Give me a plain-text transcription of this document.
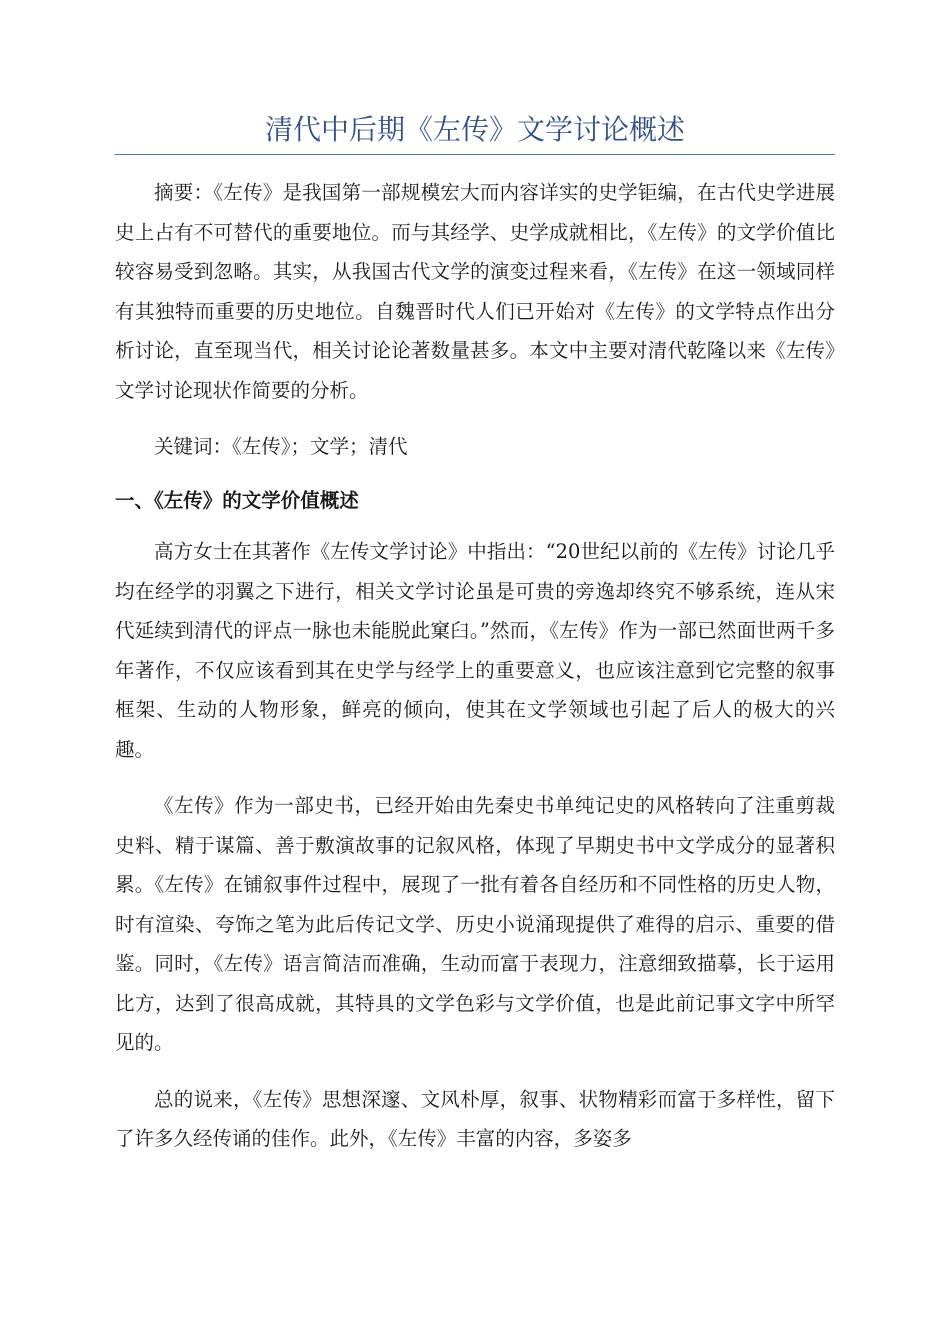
清代中后期《左传》文学讨论概述

摘要：《左传》是我国第一部规模宏大而内容详实的史学钜编，在古代史学进展史上占有不可替代的重要地位。而与其经学、史学成就相比，《左传》的文学价值比较容易受到忽略。其实，从我国古代文学的演变过程来看，《左传》在这一领域同样有其独特而重要的历史地位。自魏晋时代人们已开始对《左传》的文学特点作出分析讨论，直至现当代，相关讨论论著数量甚多。本文中主要对清代乾隆以来《左传》文学讨论现状作简要的分析。

关键词：《左传》；文学；清代

一、《左传》的文学价值概述

高方女士在其著作《左传文学讨论》中指出：“20世纪以前的《左传》讨论几乎均在经学的羽翼之下进行，相关文学讨论虽是可贵的旁逸却终究不够系统，连从宋代延续到清代的评点一脉也未能脱此窠臼。”然而，《左传》作为一部已然面世两千多年著作，不仅应该看到其在史学与经学上的重要意义，也应该注意到它完整的叙事框架、生动的人物形象，鲜亮的倾向，使其在文学领域也引起了后人的极大的兴趣。

《左传》作为一部史书，已经开始由先秦史书单纯记史的风格转向了注重剪裁史料、精于谋篇、善于敷演故事的记叙风格，体现了早期史书中文学成分的显著积累。《左传》在铺叙事件过程中，展现了一批有着各自经历和不同性格的历史人物，时有渲染、夸饰之笔为此后传记文学、历史小说涌现提供了难得的启示、重要的借鉴。同时，《左传》语言简洁而准确，生动而富于表现力，注意细致描摹，长于运用比方，达到了很高成就，其特具的文学色彩与文学价值，也是此前记事文字中所罕见的。

总的说来，《左传》思想深邃、文风朴厚，叙事、状物精彩而富于多样性，留下了许多久经传诵的佳作。此外，《左传》丰富的内容，多姿多
